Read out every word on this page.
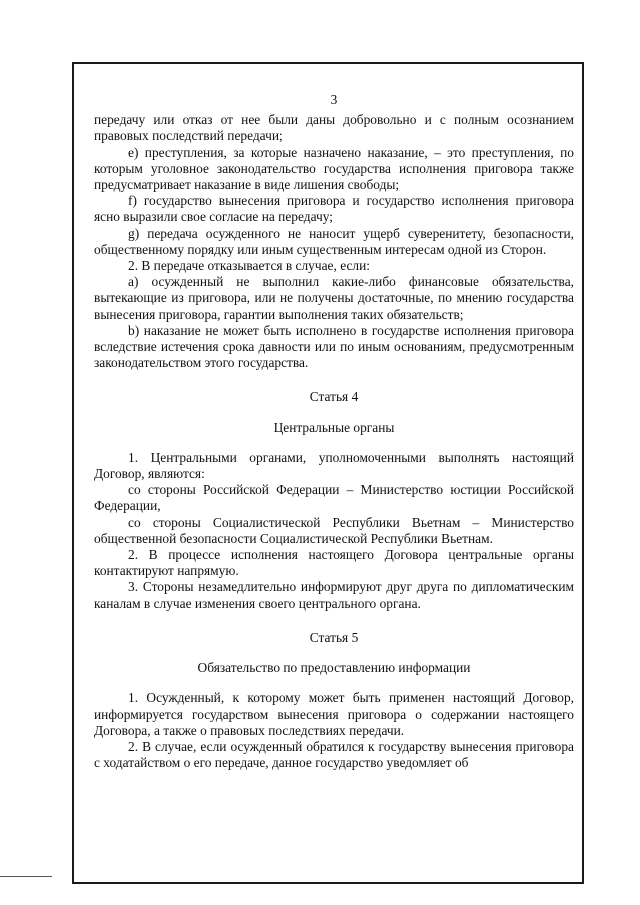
3

передачу или отказ от нее были даны добровольно и с полным осознанием правовых последствий передачи;

е) преступления, за которые назначено наказание, – это преступления, по которым уголовное законодательство государства исполнения приговора также предусматривает наказание в виде лишения свободы;

f) государство вынесения приговора и государство исполнения приговора ясно выразили свое согласие на передачу;

g) передача осужденного не наносит ущерб суверенитету, безопасности, общественному порядку или иным существенным интересам одной из Сторон.

2. В передаче отказывается в случае, если:

a) осужденный не выполнил какие-либо финансовые обязательства, вытекающие из приговора, или не получены достаточные, по мнению государства вынесения приговора, гарантии выполнения таких обязательств;

b) наказание не может быть исполнено в государстве исполнения приговора вследствие истечения срока давности или по иным основаниям, предусмотренным законодательством этого государства.

Статья 4
Центральные органы

1. Центральными органами, уполномоченными выполнять настоящий Договор, являются:

со стороны Российской Федерации – Министерство юстиции Российской Федерации,

со стороны Социалистической Республики Вьетнам – Министерство общественной безопасности Социалистической Республики Вьетнам.

2. В процессе исполнения настоящего Договора центральные органы контактируют напрямую.

3. Стороны незамедлительно информируют друг друга по дипломатическим каналам в случае изменения своего центрального органа.

Статья 5
Обязательство по предоставлению информации

1. Осужденный, к которому может быть применен настоящий Договор, информируется государством вынесения приговора о содержании настоящего Договора, а также о правовых последствиях передачи.

2. В случае, если осужденный обратился к государству вынесения приговора с ходатайством о его передаче, данное государство уведомляет об
